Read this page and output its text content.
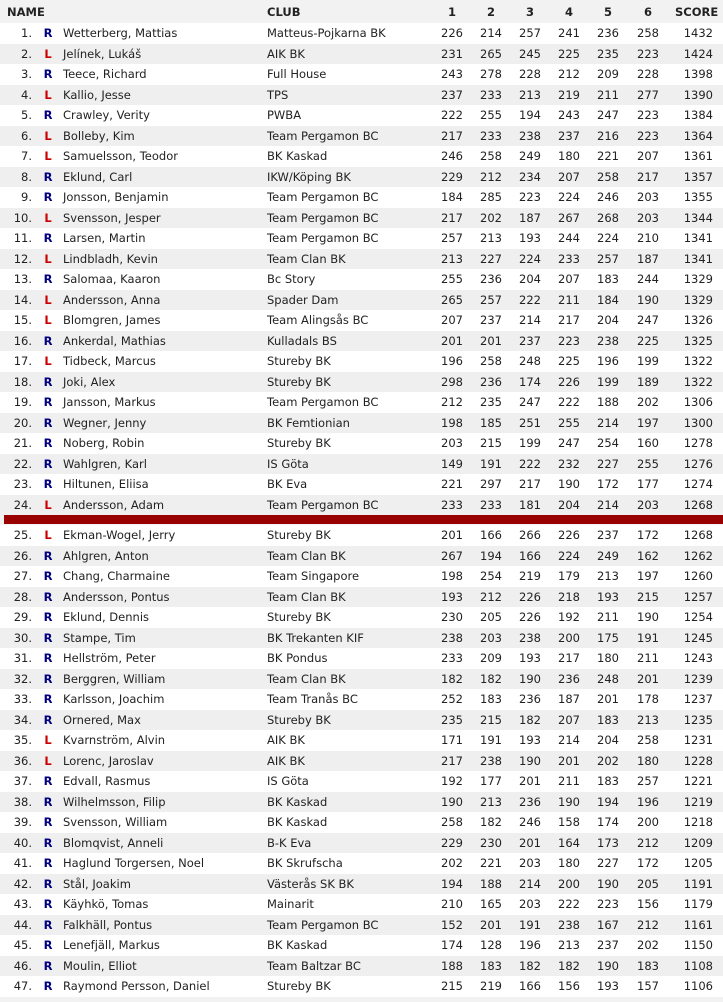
NAME	CLUB	1	2	3	4	5	6	SCORE
1. R Wetterberg, Mattias	Matteus-Pojkarna BK	226	214	257	241	236	258	1432
2. L Jelínek, Lukáš	AIK BK	231	265	245	225	235	223	1424
3. R Teece, Richard	Full House	243	278	228	212	209	228	1398
4. L Kallio, Jesse	TPS	237	233	213	219	211	277	1390
5. R Crawley, Verity	PWBA	222	255	194	243	247	223	1384
6. L Bolleby, Kim	Team Pergamon BC	217	233	238	237	216	223	1364
7. L Samuelsson, Teodor	BK Kaskad	246	258	249	180	221	207	1361
8. R Eklund, Carl	IKW/Köping BK	229	212	234	207	258	217	1357
9. R Jonsson, Benjamin	Team Pergamon BC	184	285	223	224	246	203	1355
10. L Svensson, Jesper	Team Pergamon BC	217	202	187	267	268	203	1344
11. R Larsen, Martin	Team Pergamon BC	257	213	193	244	224	210	1341
12. L Lindbladh, Kevin	Team Clan BK	213	227	224	233	257	187	1341
13. R Salomaa, Kaaron	Bc Story	255	236	204	207	183	244	1329
14. L Andersson, Anna	Spader Dam	265	257	222	211	184	190	1329
15. L Blomgren, James	Team Alingsås BC	207	237	214	217	204	247	1326
16. R Ankerdal, Mathias	Kulladals BS	201	201	237	223	238	225	1325
17. L Tidbeck, Marcus	Stureby BK	196	258	248	225	196	199	1322
18. R Joki, Alex	Stureby BK	298	236	174	226	199	189	1322
19. R Jansson, Markus	Team Pergamon BC	212	235	247	222	188	202	1306
20. R Wegner, Jenny	BK Femtionian	198	185	251	255	214	197	1300
21. R Noberg, Robin	Stureby BK	203	215	199	247	254	160	1278
22. R Wahlgren, Karl	IS Göta	149	191	222	232	227	255	1276
23. R Hiltunen, Eliisa	BK Eva	221	297	217	190	172	177	1274
24. L Andersson, Adam	Team Pergamon BC	233	233	181	204	214	203	1268
25. L Ekman-Wogel, Jerry	Stureby BK	201	166	266	226	237	172	1268
26. R Ahlgren, Anton	Team Clan BK	267	194	166	224	249	162	1262
27. R Chang, Charmaine	Team Singapore	198	254	219	179	213	197	1260
28. R Andersson, Pontus	Team Clan BK	193	212	226	218	193	215	1257
29. R Eklund, Dennis	Stureby BK	230	205	226	192	211	190	1254
30. R Stampe, Tim	BK Trekanten KIF	238	203	238	200	175	191	1245
31. R Hellström, Peter	BK Pondus	233	209	193	217	180	211	1243
32. R Berggren, William	Team Clan BK	182	182	190	236	248	201	1239
33. R Karlsson, Joachim	Team Tranås BC	252	183	236	187	201	178	1237
34. R Ornered, Max	Stureby BK	235	215	182	207	183	213	1235
35. L Kvarnström, Alvin	AIK BK	171	191	193	214	204	258	1231
36. L Lorenc, Jaroslav	AIK BK	217	238	190	201	202	180	1228
37. R Edvall, Rasmus	IS Göta	192	177	201	211	183	257	1221
38. R Wilhelmsson, Filip	BK Kaskad	190	213	236	190	194	196	1219
39. R Svensson, William	BK Kaskad	258	182	246	158	174	200	1218
40. R Blomqvist, Anneli	B-K Eva	229	230	201	164	173	212	1209
41. R Haglund Torgersen, Noel	BK Skrufscha	202	221	203	180	227	172	1205
42. R Stål, Joakim	Västerås SK BK	194	188	214	200	190	205	1191
43. R Käyhkö, Tomas	Mainarit	210	165	203	222	223	156	1179
44. R Falkhäll, Pontus	Team Pergamon BC	152	201	191	238	167	212	1161
45. R Lenefjäll, Markus	BK Kaskad	174	128	196	213	237	202	1150
46. R Moulin, Elliot	Team Baltzar BC	188	183	182	182	190	183	1108
47. R Raymond Persson, Daniel	Stureby BK	215	219	166	156	193	157	1106
